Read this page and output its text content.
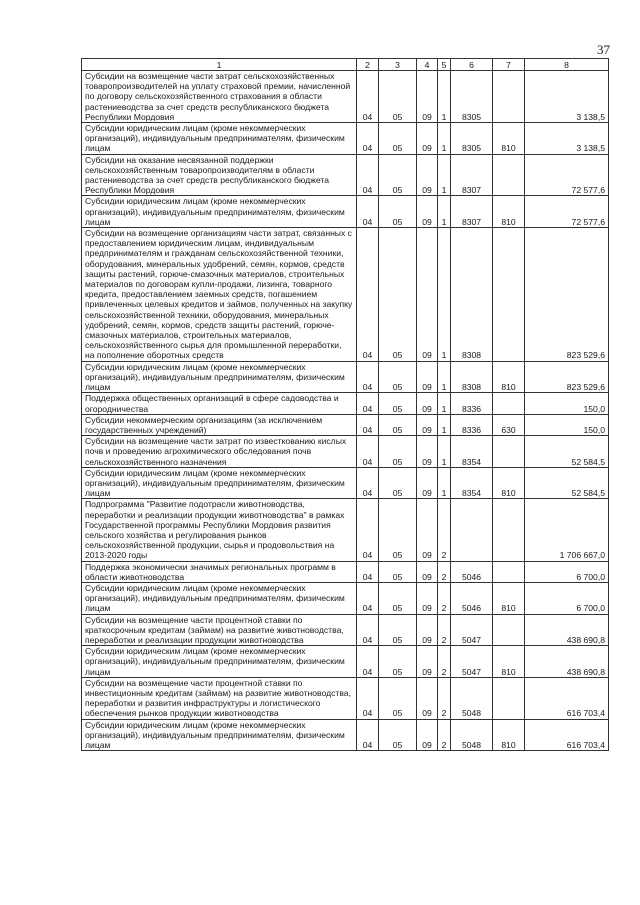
37
1	2	3	4	5	6	7	8
Субсидии на возмещение части затрат сельскохозяйственных товаропроизводителей на уплату страховой премии, начисленной по договору сельскохозяйственного страхования в области растениеводства за счет средств республиканского бюджета Республики Мордовия	04	05	09	1	8305		3 138,5
Субсидии юридическим лицам (кроме некоммерческих организаций), индивидуальным предпринимателям, физическим лицам	04	05	09	1	8305	810	3 138,5
Субсидии на оказание несвязанной поддержки сельскохозяйственным товаропроизводителям в области растениеводства за счет средств республиканского бюджета Республики Мордовия	04	05	09	1	8307		72 577,6
Субсидии юридическим лицам (кроме некоммерческих организаций), индивидуальным предпринимателям, физическим лицам	04	05	09	1	8307	810	72 577,6
Субсидии на возмещение организациям части затрат, связанных с предоставлением юридическим лицам, индивидуальным предпринимателям и гражданам сельскохозяйственной техники, оборудования, минеральных удобрений, семян, кормов, средств защиты растений, горюче-смазочных материалов, строительных материалов по договорам купли-продажи, лизинга, товарного кредита, предоставлением заемных средств, погашением привлеченных целевых кредитов и займов, полученных на закупку сельскохозяйственной техники, оборудования, минеральных удобрений, семян, кормов, средств защиты растений, горюче-смазочных материалов, строительных материалов, сельскохозяйственного сырья для промышленной переработки, на пополнение оборотных средств	04	05	09	1	8308		823 529,6
Субсидии юридическим лицам (кроме некоммерческих организаций), индивидуальным предпринимателям, физическим лицам	04	05	09	1	8308	810	823 529,6
Поддержка общественных организаций в сфере садоводства и огородничества	04	05	09	1	8336		150,0
Субсидии некоммерческим организациям (за исключением государственных учреждений)	04	05	09	1	8336	630	150,0
Субсидии на возмещение части затрат по известкованию кислых почв и проведению агрохимического обследования почв сельскохозяйственного назначения	04	05	09	1	8354		52 584,5
Субсидии юридическим лицам (кроме некоммерческих организаций), индивидуальным предпринимателям, физическим лицам	04	05	09	1	8354	810	52 584,5
Подпрограмма "Развитие подотрасли животноводства, переработки и реализации продукции животноводства" в рамках Государственной программы Республики Мордовия развития сельского хозяйства и регулирования рынков сельскохозяйственной продукции, сырья и продовольствия на 2013-2020 годы	04	05	09	2			1 706 667,0
Поддержка экономически значимых региональных программ в области животноводства	04	05	09	2	5046		6 700,0
Субсидии юридическим лицам (кроме некоммерческих организаций), индивидуальным предпринимателям, физическим лицам	04	05	09	2	5046	810	6 700,0
Субсидии на возмещение части процентной ставки по краткосрочным кредитам (займам) на развитие животноводства, переработки и реализации продукции животноводства	04	05	09	2	5047		438 690,8
Субсидии юридическим лицам (кроме некоммерческих организаций), индивидуальным предпринимателям, физическим лицам	04	05	09	2	5047	810	438 690,8
Субсидии на возмещение части процентной ставки по инвестиционным кредитам (займам) на развитие животноводства, переработки и развития инфраструктуры и логистического обеспечения рынков продукции животноводства	04	05	09	2	5048		616 703,4
Субсидии юридическим лицам (кроме некоммерческих организаций), индивидуальным предпринимателям, физическим лицам	04	05	09	2	5048	810	616 703,4
